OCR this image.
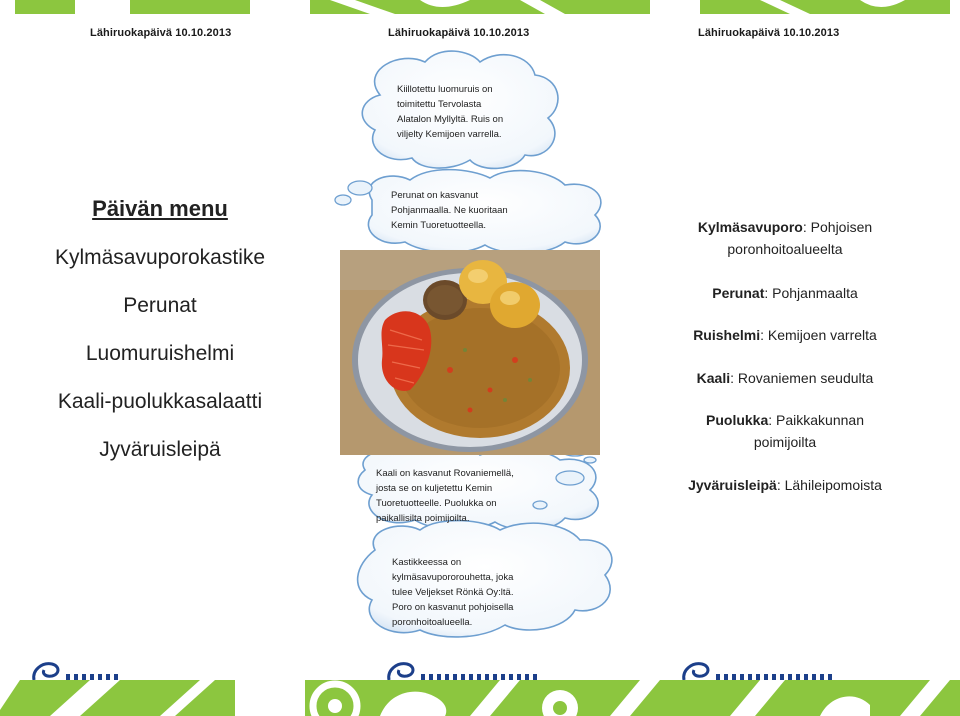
Lähiruokapäivä 10.10.2013	Lähiruokapäivä 10.10.2013	Lähiruokapäivä 10.10.2013
Päivän menu
Kylmäsavuporokastike
Perunat
Luomuruishelmi
Kaali-puolukkasalaatti
Jyväruisleipä
Kiillotettu luomuruis on
toimitettu Tervolasta
Alatalon Myllyltä. Ruis on
viljelty Kemijoen varrella.
Perunat on kasvanut
Pohjanmaalla. Ne kuoritaan
Kemin Tuoretuotteella.
Kaali on kasvanut Rovaniemellä,
josta se on kuljetettu Kemin
Tuoretuotteelle. Puolukka on
paikallisilta poimijoilta.
Kastikkeessa on
kylmäsavupororouhetta, joka
tulee Veljekset Rönkä Oy:ltä.
Poro on kasvanut pohjoisella
poronhoitoalueella.
Kylmäsavuporo: Pohjoisen
poronhoitoalueelta
Perunat: Pohjanmaalta
Ruishelmi: Kemijoen varrelta
Kaali: Rovaniemen seudulta
Puolukka: Paikkakunnan
poimijoilta
Jyväruisleipä: Lähileipomoista
